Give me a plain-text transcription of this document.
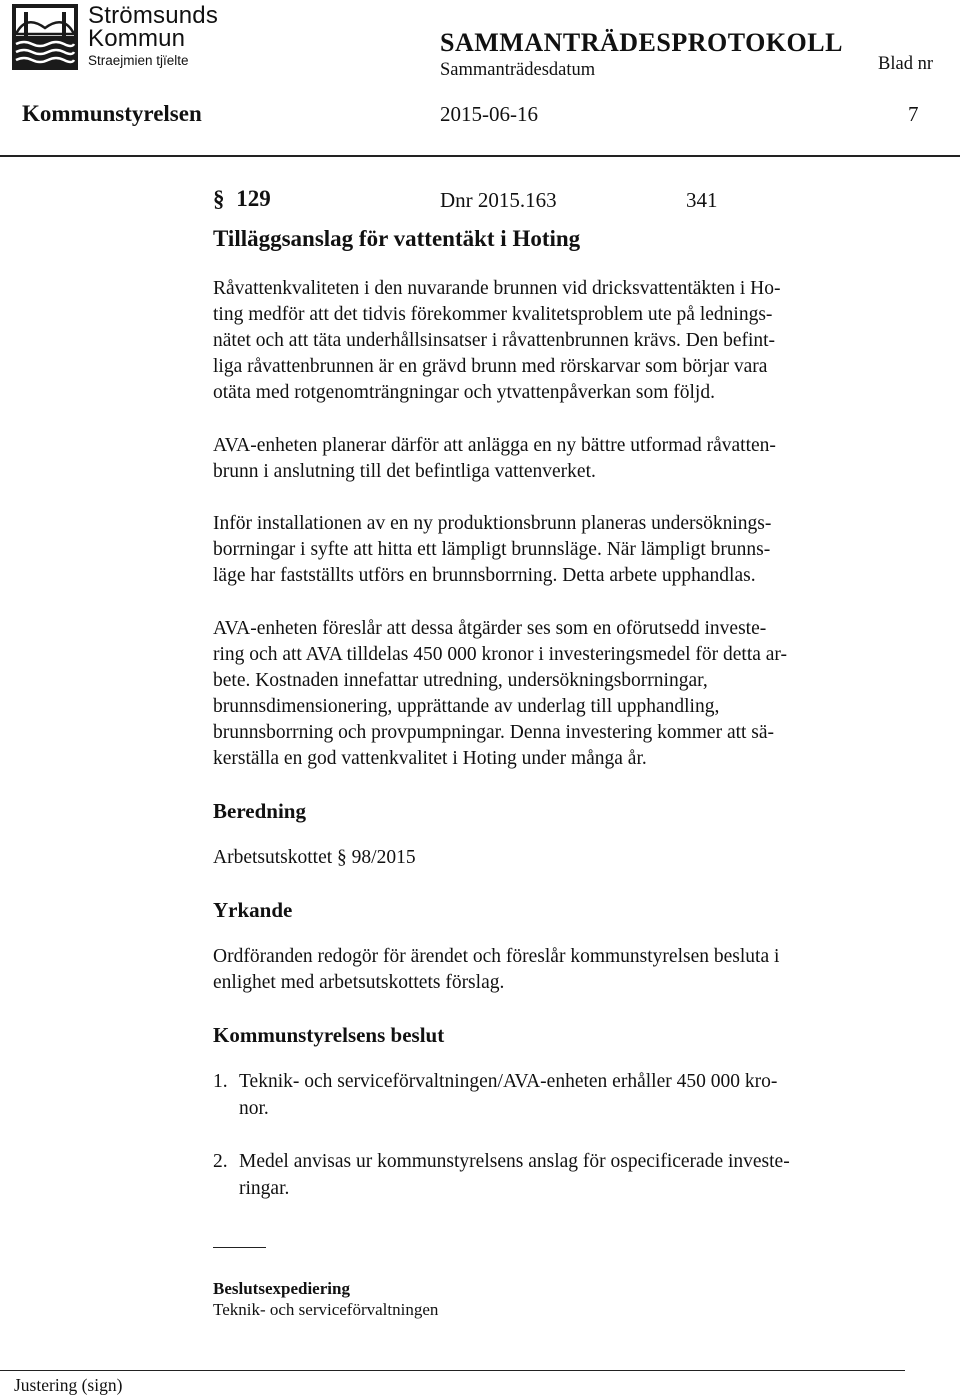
Strömsunds
Kommun
Straejmien tjïelte
SAMMANTRÄDESPROTOKOLL
Sammanträdesdatum	Blad nr
Kommunstyrelsen	2015-06-16	7
§ 129	Dnr 2015.163	341
Tilläggsanslag för vattentäkt i Hoting
Råvattenkvaliteten i den nuvarande brunnen vid dricksvattentäkten i Ho-
ting medför att det tidvis förekommer kvalitetsproblem ute på lednings-
nätet och att täta underhållsinsatser i råvattenbrunnen krävs. Den befint-
liga råvattenbrunnen är en grävd brunn med rörskarvar som börjar vara
otäta med rotgenomträngningar och ytvattenpåverkan som följd.
AVA-enheten planerar därför att anlägga en ny bättre utformad råvatten-
brunn i anslutning till det befintliga vattenverket.
Inför installationen av en ny produktionsbrunn planeras undersöknings-
borrningar i syfte att hitta ett lämpligt brunnsläge. När lämpligt brunns-
läge har fastställts utförs en brunnsborrning. Detta arbete upphandlas.
AVA-enheten föreslår att dessa åtgärder ses som en oförutsedd investe-
ring och att AVA tilldelas 450 000 kronor i investeringsmedel för detta ar-
bete. Kostnaden innefattar utredning, undersökningsborrningar,
brunnsdimensionering, upprättande av underlag till upphandling,
brunnsborrning och provpumpningar. Denna investering kommer att sä-
kerställa en god vattenkvalitet i Hoting under många år.
Beredning
Arbetsutskottet § 98/2015
Yrkande
Ordföranden redogör för ärendet och föreslår kommunstyrelsen besluta i
enlighet med arbetsutskottets förslag.
Kommunstyrelsens beslut
1. Teknik- och serviceförvaltningen/AVA-enheten erhåller 450 000 kro-
nor.
2. Medel anvisas ur kommunstyrelsens anslag för ospecificerade investe-
ringar.
Beslutsexpediering
Teknik- och serviceförvaltningen
Justering (sign)
